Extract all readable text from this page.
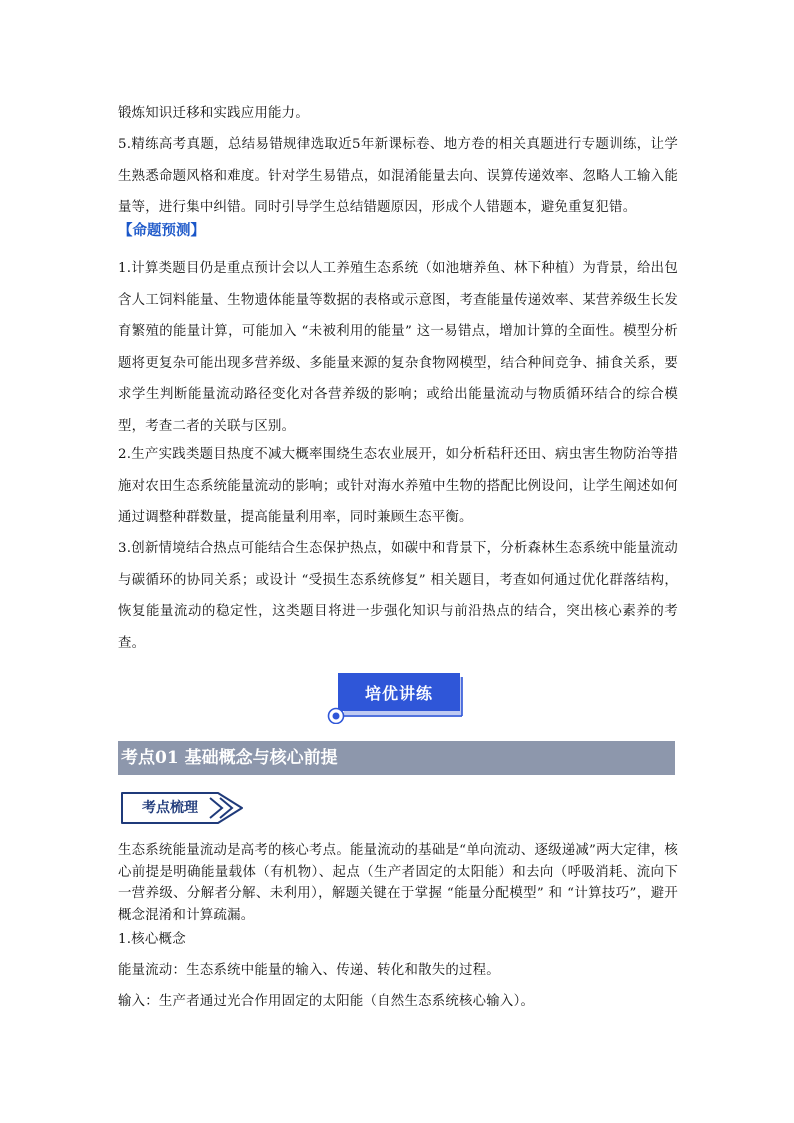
锻炼知识迁移和实践应用能力。

5.精练高考真题，总结易错规律选取近5年新课标卷、地方卷的相关真题进行专题训练，让学生熟悉命题风格和难度。针对学生易错点，如混淆能量去向、误算传递效率、忽略人工输入能量等，进行集中纠错。同时引导学生总结错题原因，形成个人错题本，避免重复犯错。

【命题预测】

1.计算类题目仍是重点预计会以人工养殖生态系统（如池塘养鱼、林下种植）为背景，给出包含人工饲料能量、生物遗体能量等数据的表格或示意图，考查能量传递效率、某营养级生长发育繁殖的能量计算，可能加入 “未被利用的能量” 这一易错点，增加计算的全面性。模型分析题将更复杂可能出现多营养级、多能量来源的复杂食物网模型，结合种间竞争、捕食关系，要求学生判断能量流动路径变化对各营养级的影响；或给出能量流动与物质循环结合的综合模型，考查二者的关联与区别。

2.生产实践类题目热度不减大概率围绕生态农业展开，如分析秸秆还田、病虫害生物防治等措施对农田生态系统能量流动的影响；或针对海水养殖中生物的搭配比例设问，让学生阐述如何通过调整种群数量，提高能量利用率，同时兼顾生态平衡。

3.创新情境结合热点可能结合生态保护热点，如碳中和背景下，分析森林生态系统中能量流动与碳循环的协同关系；或设计 “受损生态系统修复” 相关题目，考查如何通过优化群落结构，恢复能量流动的稳定性，这类题目将进一步强化知识与前沿热点的结合，突出核心素养的考查。

培优讲练
考点01 基础概念与核心前提
考点梳理

生态系统能量流动是高考的核心考点。能量流动的基础是“单向流动、逐级递减”两大定律，核心前提是明确能量载体（有机物）、起点（生产者固定的太阳能）和去向（呼吸消耗、流向下一营养级、分解者分解、未利用），解题关键在于掌握 “能量分配模型” 和 “计算技巧”，避开概念混淆和计算疏漏。

1.核心概念

能量流动：生态系统中能量的输入、传递、转化和散失的过程。

输入：生产者通过光合作用固定的太阳能（自然生态系统核心输入）。
